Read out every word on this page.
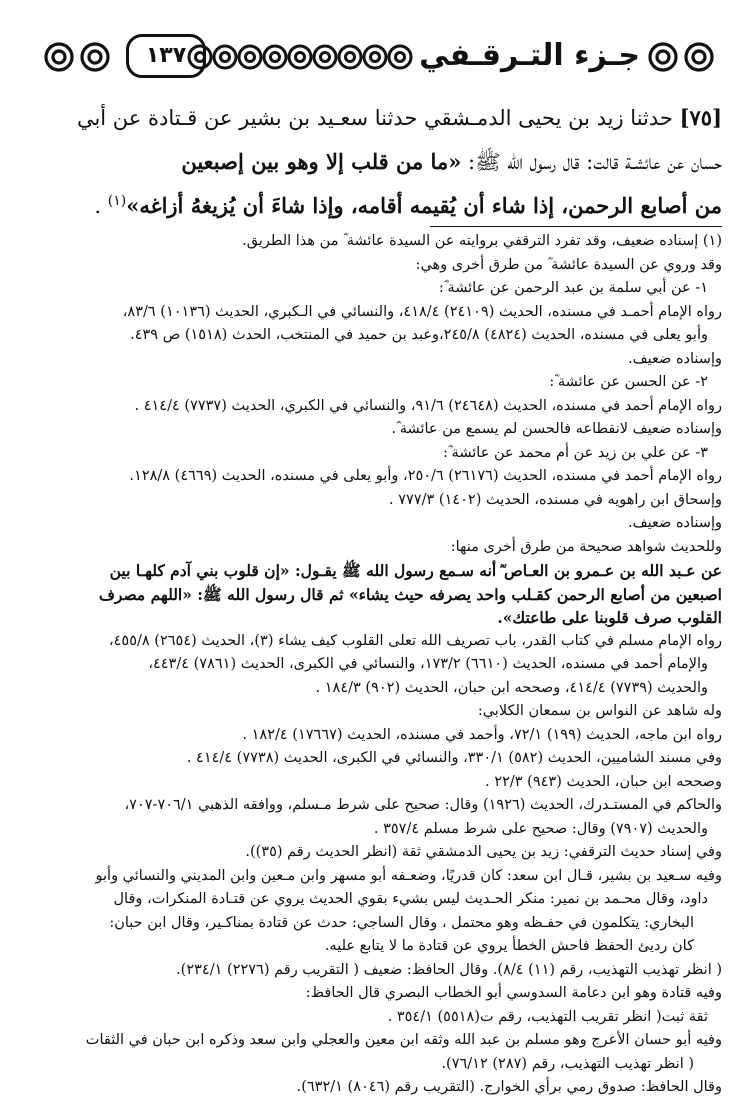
جـزء التـرقـفي
١٣٧

[٧٥] حدثنا زيد بن يحيى الدمـشقي حدثنا سعـيد بن بشير عن قـتادة عن أبي

حسان عن عائشـة قالت: قال رسول الله ﷺ: «ما من قلب إلا وهو بين إصبعين

من أصابع الرحمن، إذا شاء أن يُقيمه أقامه، وإذا شاءَ أن يُزيغهُ أزاغه»$^{(١)}$ .

(١) إسناده ضعيف، وقد تفرد الترقفي بروايته عن السيدة عائشة ؓ من هذا الطريق.
وقد وروي عن السيدة عائشة ؓ من طرق أخرى وهي:
١- عن أبي سلمة بن عبد الرحمن عن عائشة ؓ:
رواه الإمام أحمـد في مسنده، الحديث (٢٤١٠٩) ٤١٨/٤، والنسائي في الـكبري، الحديث (١٠١٣٦) ٨٣/٦،
وأبو يعلى في مسنده، الحديث (٤٨٢٤) ٢٤٥/٨،وعبد بن حميد في المنتخب، الحدث (١٥١٨) ص ٤٣٩.
وإسناده ضعيف.
٢- عن الحسن عن عائشة ؓ:
رواه الإمام أحمد في مسنده، الحديث (٢٤٦٤٨) ٩١/٦، والنسائي في الكبري، الحديث (٧٧٣٧) ٤١٤/٤ .
وإسناده ضعيف لانقطاعه فالحسن لم يسمع من عائشة ؓ.
٣- عن علي بن زيد عن أم محمد عن عائشة ؓ:
رواه الإمام أحمد في مسنده، الحديث (٢٦١٧٦) ٢٥٠/٦، وأبو يعلى في مسنده، الحديث (٤٦٦٩) ١٢٨/٨.
وإسحاق ابن راهويه في مسنده، الحديث (١٤٠٢) ٧٧٧/٣ .
وإسناده ضعيف.
وللحديث شواهد صحيحة من طرق أخرى منها:
عن عـبد الله بن عـمرو بن العـاص ؓ أنه سـمع رسول الله ﷺ يقـول: «إن قلوب بني آدم كلهـا بين
اصبعين من أصابع الرحمن كقـلب واحد يصرفه حيث يشاء» ثم قال رسول الله ﷺ: «اللهم مصرف
القلوب صرف قلوبنا على طاعتك».
رواه الإمام مسلم في كتاب القدر، باب تصريف الله تعلى القلوب كيف يشاء (٣)، الحديث (٢٦٥٤) ٤٥٥/٨،
والإمام أحمد في مسنده، الحديث (٦٦١٠) ١٧٣/٢، والنسائي في الكبرى، الحديث (٧٨٦١) ٤٤٣/٤،
والحديث (٧٧٣٩) ٤١٤/٤، وصححه ابن حبان، الحديث (٩٠٢) ١٨٤/٣ .
وله شاهد عن النواس بن سمعان الكلابي:
رواه ابن ماجه، الحديث (١٩٩) ٧٢/١، وأحمد في مسنده، الحديث (١٧٦٦٧) ١٨٢/٤ .
وفي مسند الشاميين، الحديث (٥٨٢) ٣٣٠/١، والنسائي في الكبرى، الحديث (٧٧٣٨) ٤١٤/٤ .
وصححه ابن حبان، الحديث (٩٤٣) ٢٢/٣ .
والحاكم في المستـدرك، الحديث (١٩٢٦) وقال: صحيح على شرط مـسلم، ووافقه الذهبي ٧٠٦/١-٧٠٧،
والحديث (٧٩٠٧) وقال: صحيح على شرط مسلم ٣٥٧/٤ .
وفي إسناد حديث الترقفي: زيد بن يحيى الدمشقي ثقة (انظر الحديث رقم (٣٥)).
وفيه سـعيد بن بشير، قـال ابن سعد: كان قدريًا، وضعـفه أبو مسهر وابن مـعين وابن المديني والنسائي وأبو
داود، وقال محـمد بن نمير: منكر الحـديث ليس بشيء بقوي الحديث يروي عن قتـادة المنكرات، وقال
البخاري: يتكلمون في حفـظه وهو محتمل ، وقال الساجي: حدث عن قتادة بمناكـير، وقال ابن حبان:
كان رديئ الحفظ فاحش الخطأ يروي عن قتادة ما لا يتابع عليه.
( انظر تهذيب التهذيب، رقم (١١) ٨/٤). وقال الحافظ: ضعيف ( التقريب رقم (٢٢٧٦) ٢٣٤/١).
وفيه قتادة وهو ابن دعامة السدوسي أبو الخطاب البصري قال الحافظ:
ثقة ثبت( انظر تقريب التهذيب، رقم ت(٥٥١٨) ٣٥٤/١ .
وفيه أبو حسان الأعرج وهو مسلم بن عبد الله وثقه ابن معين والعجلي وابن سعد وذكره ابن حبان في الثقات
( انظر تهذيب التهذيب، رقم (٢٨٧) ٧٦/١٢).
وقال الحافظ: صدوق رمي برأي الخوارج. (التقريب رقم (٨٠٤٦) ٦٣٢/١).
